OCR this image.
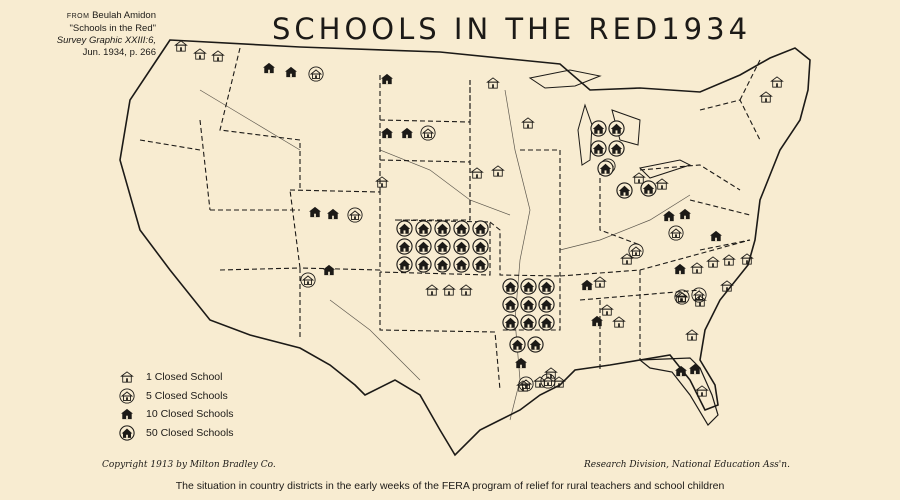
FROM Beulah Amidon
"Schools in the Red"
Survey Graphic XXIII:6,
Jun. 1934, p. 266
SCHOOLS IN THE RED1934
1 Closed School
5 Closed Schools
10 Closed Schools
50 Closed Schools
Copyright 1913 by Milton Bradley Co.	Research Division, National Education Ass'n.
The situation in country districts in the early weeks of the FERA program of relief for rural teachers and school children
